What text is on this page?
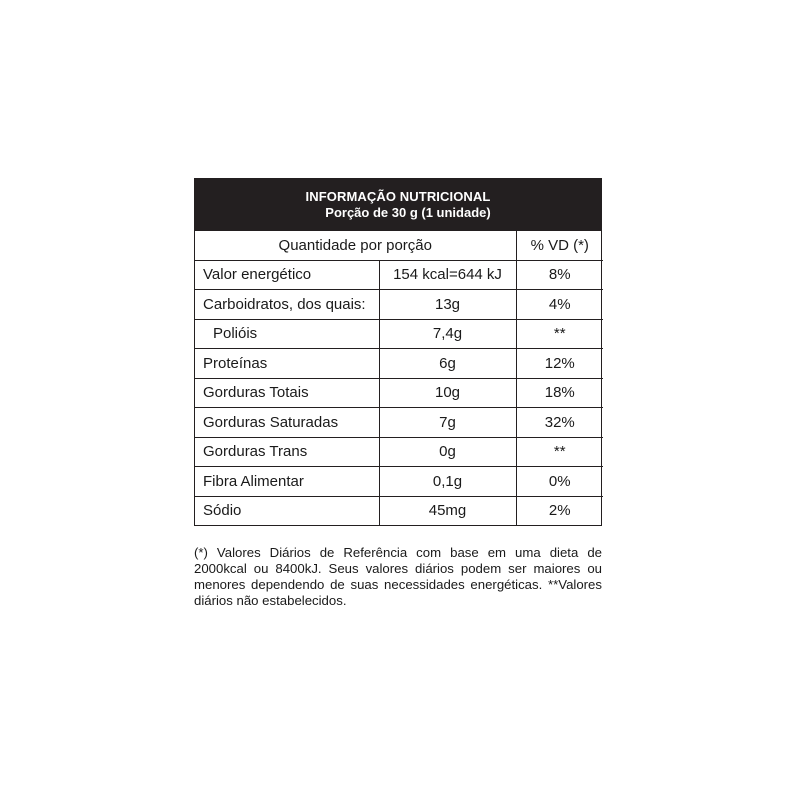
INFORMAÇÃO NUTRICIONAL
Porção de 30 g (1 unidade)
Quantidade por porção		% VD (*)
Valor energético	154 kcal=644 kJ	8%
Carboidratos, dos quais:	13g	4%
Polióis	7,4g	**
Proteínas	6g	12%
Gorduras Totais	10g	18%
Gorduras Saturadas	7g	32%
Gorduras Trans	0g	**
Fibra Alimentar	0,1g	0%
Sódio	45mg	2%
(*) Valores Diários de Referência com base em uma dieta de 2000kcal ou 8400kJ. Seus valores diários podem ser maiores ou menores dependendo de suas necessidades energéticas. **Valores diários não estabelecidos.
